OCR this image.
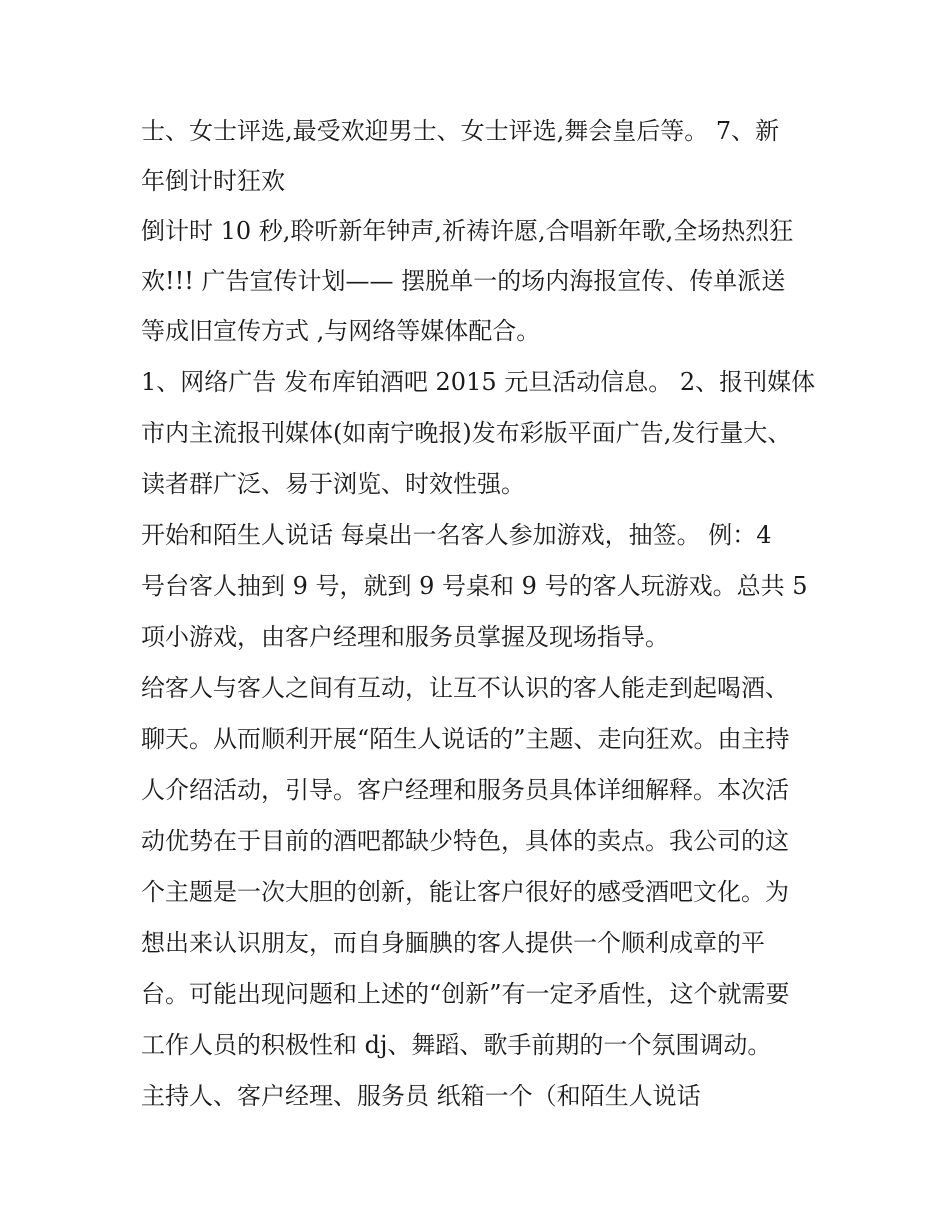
士、女士评选,最受欢迎男士、女士评选,舞会皇后等。 7、新
年倒计时狂欢
倒计时 10 秒,聆听新年钟声,祈祷许愿,合唱新年歌,全场热烈狂
欢!!! 广告宣传计划—— 摆脱单一的场内海报宣传、传单派送
等成旧宣传方式 ,与网络等媒体配合。
1、网络广告 发布库铂酒吧 2015 元旦活动信息。 2、报刊媒体
市内主流报刊媒体(如南宁晚报)发布彩版平面广告,发行量大、
读者群广泛、易于浏览、时效性强。
开始和陌生人说话 每桌出一名客人参加游戏，抽签。 例：4
号台客人抽到 9 号，就到 9 号桌和 9 号的客人玩游戏。总共 5
项小游戏，由客户经理和服务员掌握及现场指导。
给客人与客人之间有互动，让互不认识的客人能走到起喝酒、
聊天。从而顺利开展“陌生人说话的”主题、走向狂欢。由主持
人介绍活动，引导。客户经理和服务员具体详细解释。本次活
动优势在于目前的酒吧都缺少特色，具体的卖点。我公司的这
个主题是一次大胆的创新，能让客户很好的感受酒吧文化。为
想出来认识朋友，而自身腼腆的客人提供一个顺利成章的平
台。可能出现问题和上述的“创新”有一定矛盾性，这个就需要
工作人员的积极性和 dj、舞蹈、歌手前期的一个氛围调动。
主持人、客户经理、服务员 纸箱一个（和陌生人说话
